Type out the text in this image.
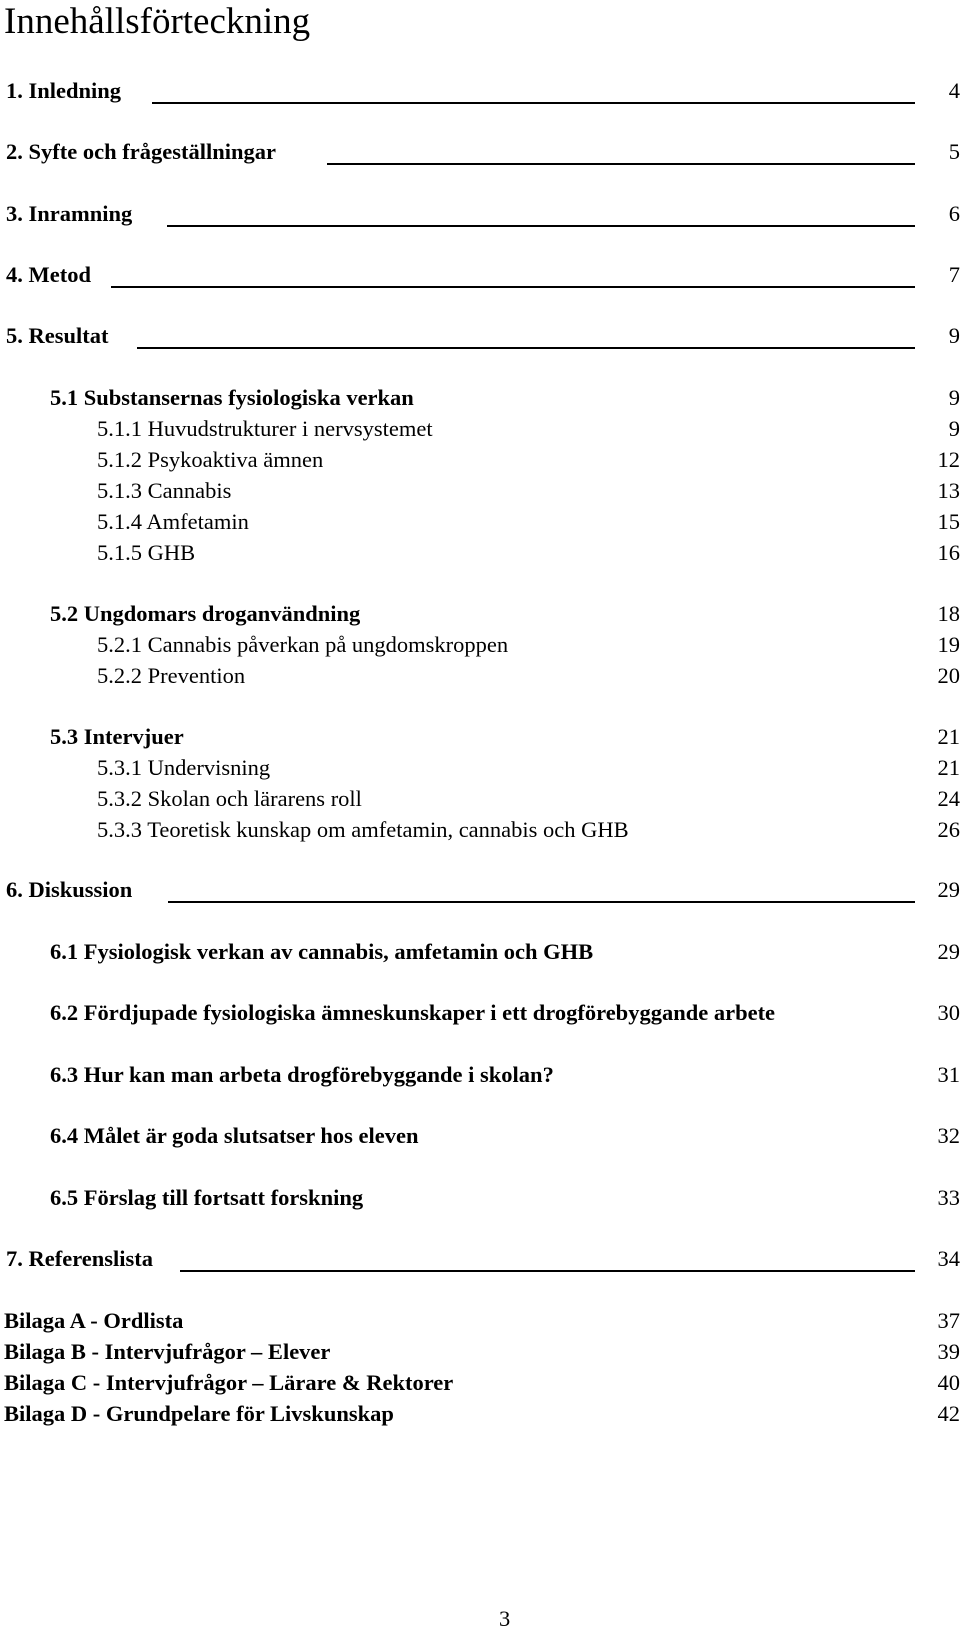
Innehållsförteckning
1. Inledning	4
2. Syfte och frågeställningar	5
3. Inramning	6
4. Metod	7
5. Resultat	9
5.1 Substansernas fysiologiska verkan	9
5.1.1 Huvudstrukturer i nervsystemet	9
5.1.2 Psykoaktiva ämnen	12
5.1.3 Cannabis	13
5.1.4 Amfetamin	15
5.1.5 GHB	16
5.2 Ungdomars droganvändning	18
5.2.1 Cannabis påverkan på ungdomskroppen	19
5.2.2 Prevention	20
5.3 Intervjuer	21
5.3.1 Undervisning	21
5.3.2 Skolan och lärarens roll	24
5.3.3 Teoretisk kunskap om amfetamin, cannabis och GHB	26
6. Diskussion	29
6.1 Fysiologisk verkan av cannabis, amfetamin och GHB	29
6.2 Fördjupade fysiologiska ämneskunskaper i ett drogförebyggande arbete	30
6.3 Hur kan man arbeta drogförebyggande i skolan?	31
6.4 Målet är goda slutsatser hos eleven	32
6.5 Förslag till fortsatt forskning	33
7. Referenslista	34
Bilaga A - Ordlista	37
Bilaga B - Intervjufrågor – Elever	39
Bilaga C - Intervjufrågor – Lärare & Rektorer	40
Bilaga D - Grundpelare för Livskunskap	42
3
